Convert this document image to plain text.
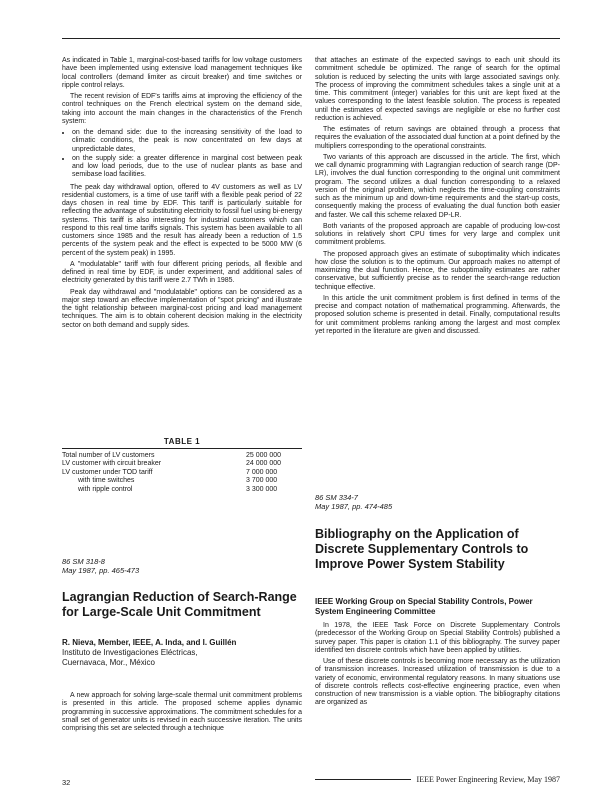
As indicated in Table 1, marginal-cost-based tariffs for low voltage customers have been implemented using extensive load management techniques like local controllers (demand limiter as circuit breaker) and time switches or ripple control relays.

The recent revision of EDF's tariffs aims at improving the efficiency of the control techniques on the French electrical system on the demand side, taking into account the main changes in the characteristics of the French system:

• on the demand side: due to the increasing sensitivity of the load to climatic conditions, the peak is now concentrated on few days at unpredictable dates,
• on the supply side: a greater difference in marginal cost between peak and low load periods, due to the use of nuclear plants as base and semibase load facilities.

The peak day withdrawal option, offered to 4V customers as well as LV residential customers, is a time of use tariff with a flexible peak period of 22 days chosen in real time by EDF. This tariff is particularly suitable for reflecting the advantage of substituting electricity to fossil fuel using bi-energy systems. This tariff is also interesting for industrial customers which can respond to this real time tariffs signals. This system has been available to all customers since 1985 and the result has already been a reduction of 1.5 percents of the system peak and the effect is expected to be 5000 MW (6 percent of the system peak) in 1995.

A "modulatable" tariff with four different pricing periods, all flexible and defined in real time by EDF, is under experiment, and additional sales of electricity generated by this tariff were 2.7 TWh in 1985.

Peak day withdrawal and "modulatable" options can be considered as a major step toward an effective implementation of "spot pricing" and illustrate the tight relationship between marginal-cost pricing and load management techniques. The aim is to obtain coherent decision making in the electricity sector on both demand and supply sides.

TABLE 1
Total number of LV customers	25 000 000
LV customer with circuit breaker	24 000 000
LV customer under TOD tariff	7 000 000
with time switches	3 700 000
with ripple control	3 300 000
86 SM 318-8
May 1987, pp. 465-473
Lagrangian Reduction of Search-Range for Large-Scale Unit Commitment
R. Nieva, Member, IEEE, A. Inda, and I. Guillén
Instituto de Investigaciones Eléctricas,
Cuernavaca, Mor., México

A new approach for solving large-scale thermal unit commitment problems is presented in this article. The proposed scheme applies dynamic programming in successive approximations. The commitment schedules for a small set of generator units is revised in each successive iteration. The units comprising this set are selected through a technique

that attaches an estimate of the expected savings to each unit should its commitment schedule be optimized. The range of search for the optimal solution is reduced by selecting the units with large associated savings only. The process of improving the commitment schedules takes a single unit at a time. This commitment (integer) variables for this unit are kept fixed at the values corresponding to the latest feasible solution. The process is repeated until the estimates of expected savings are negligible or else no further cost reduction is achieved.

The estimates of return savings are obtained through a process that requires the evaluation of the associated dual function at a point defined by the multipliers corresponding to the operational constraints.

Two variants of this approach are discussed in the article. The first, which we call dynamic programming with Lagrangian reduction of search range (DP-LR), involves the dual function corresponding to the original unit commitment program. The second utilizes a dual function corresponding to a relaxed version of the original problem, which neglects the time-coupling constraints such as the minimum up and down-time requirements and the start-up costs, consequently making the process of evaluating the dual function both easier and faster. We call this scheme relaxed DP-LR.

Both variants of the proposed approach are capable of producing low-cost solutions in relatively short CPU times for very large and complex unit commitment problems.

The proposed approach gives an estimate of suboptimality which indicates how close the solution is to the optimum. Our approach makes no attempt of maximizing the dual function. Hence, the suboptimality estimates are rather conservative, but sufficiently precise as to render the search-range reduction technique effective.

In this article the unit commitment problem is first defined in terms of the precise and compact notation of mathematical programming. Afterwards, the proposed solution scheme is presented in detail. Finally, computational results for unit commitment problems ranking among the largest and most complex yet reported in the literature are given and discussed.

86 SM 334-7
May 1987, pp. 474-485
Bibliography on the Application of Discrete Supplementary Controls to Improve Power System Stability
IEEE Working Group on Special Stability Controls, Power System Engineering Committee

In 1978, the IEEE Task Force on Discrete Supplementary Controls (predecessor of the Working Group on Special Stability Controls) published a survey paper. This paper is citation 1.1 of this bibliography. The survey paper identified ten discrete controls which have been applied by utilities.

Use of these discrete controls is becoming more necessary as the utilization of transmission increases. Increased utilization of transmission is due to a variety of economic, environmental regulatory reasons. In many situations use of discrete controls reflects cost-effective engineering practice, even when construction of new transmission is a viable option. The bibliography citations are organized as

32	IEEE Power Engineering Review, May 1987
